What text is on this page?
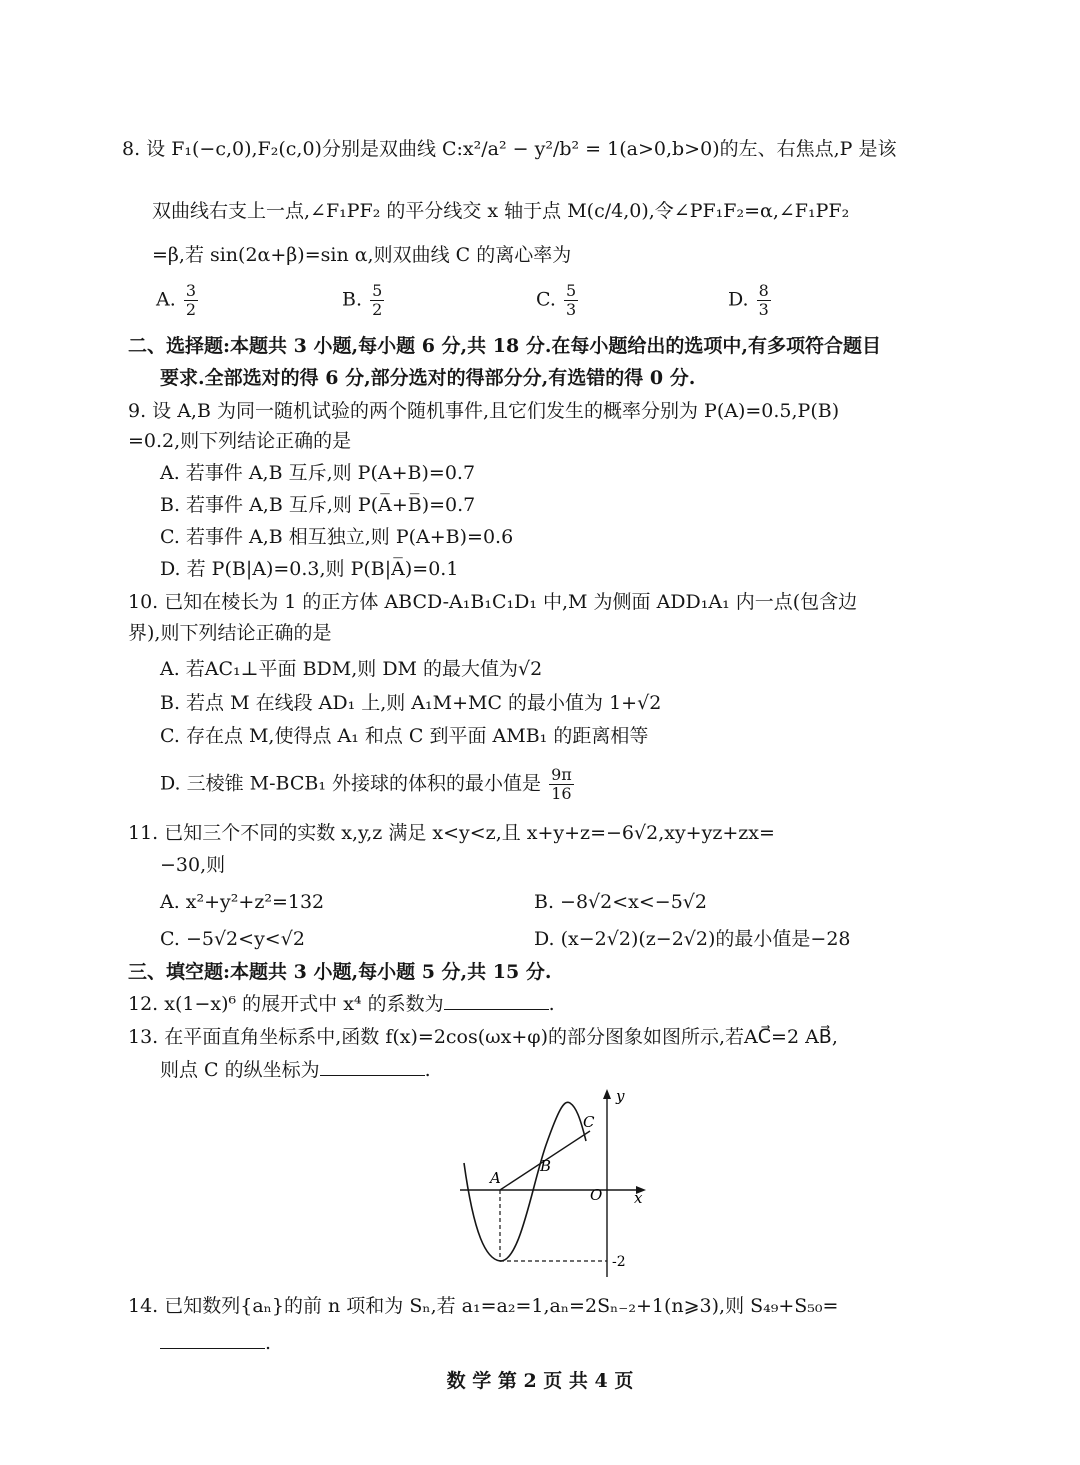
8. 设 F₁(−c,0),F₂(c,0)分别是双曲线 C:x²/a² − y²/b² = 1(a>0,b>0)的左、右焦点,P 是该
双曲线右支上一点,∠F₁PF₂ 的平分线交 x 轴于点 M(c/4,0),令∠PF₁F₂=α,∠F₁PF₂
=β,若 sin(2α+β)=sin α,则双曲线 C 的离心率为
A. $\frac{3}{2}$	B. $\frac{5}{2}$	C. $\frac{5}{3}$	D. $\frac{8}{3}$
二、选择题:本题共 3 小题,每小题 6 分,共 18 分.在每小题给出的选项中,有多项符合题目
要求.全部选对的得 6 分,部分选对的得部分分,有选错的得 0 分.
9. 设 A,B 为同一随机试验的两个随机事件,且它们发生的概率分别为 P(A)=0.5,P(B)
=0.2,则下列结论正确的是
A. 若事件 A,B 互斥,则 P(A+B)=0.7
B. 若事件 A,B 互斥,则 P(A̅+B̅)=0.7
C. 若事件 A,B 相互独立,则 P(A+B)=0.6
D. 若 P(B|A)=0.3,则 P(B|A̅)=0.1
10. 已知在棱长为 1 的正方体 ABCD-A₁B₁C₁D₁ 中,M 为侧面 ADD₁A₁ 内一点(包含边
界),则下列结论正确的是
A. 若AC₁⊥平面 BDM,则 DM 的最大值为√2
B. 若点 M 在线段 AD₁ 上,则 A₁M+MC 的最小值为 1+√2
C. 存在点 M,使得点 A₁ 和点 C 到平面 AMB₁ 的距离相等
D. 三棱锥 M-BCB₁ 外接球的体积的最小值是 $\frac{9\pi}{16}$
11. 已知三个不同的实数 x,y,z 满足 x<y<z,且 x+y+z=−6√2,xy+yz+zx=
−30,则
A. x²+y²+z²=132	B. −8√2<x<−5√2
C. −5√2<y<√2	D. (x−2√2)(z−2√2)的最小值是−28
三、填空题:本题共 3 小题,每小题 5 分,共 15 分.
12. x(1−x)⁶ 的展开式中 x⁴ 的系数为	.
13. 在平面直角坐标系中,函数 f(x)=2cos(ωx+φ)的部分图象如图所示,若AC⃗=2 AB⃗,
则点 C 的纵坐标为	.
y
x
O
A
B
C
-2
14. 已知数列{aₙ}的前 n 项和为 Sₙ,若 a₁=a₂=1,aₙ=2Sₙ₋₂+1(n⩾3),则 S₄₉+S₅₀=
.
数 学 第 2 页 共 4 页
